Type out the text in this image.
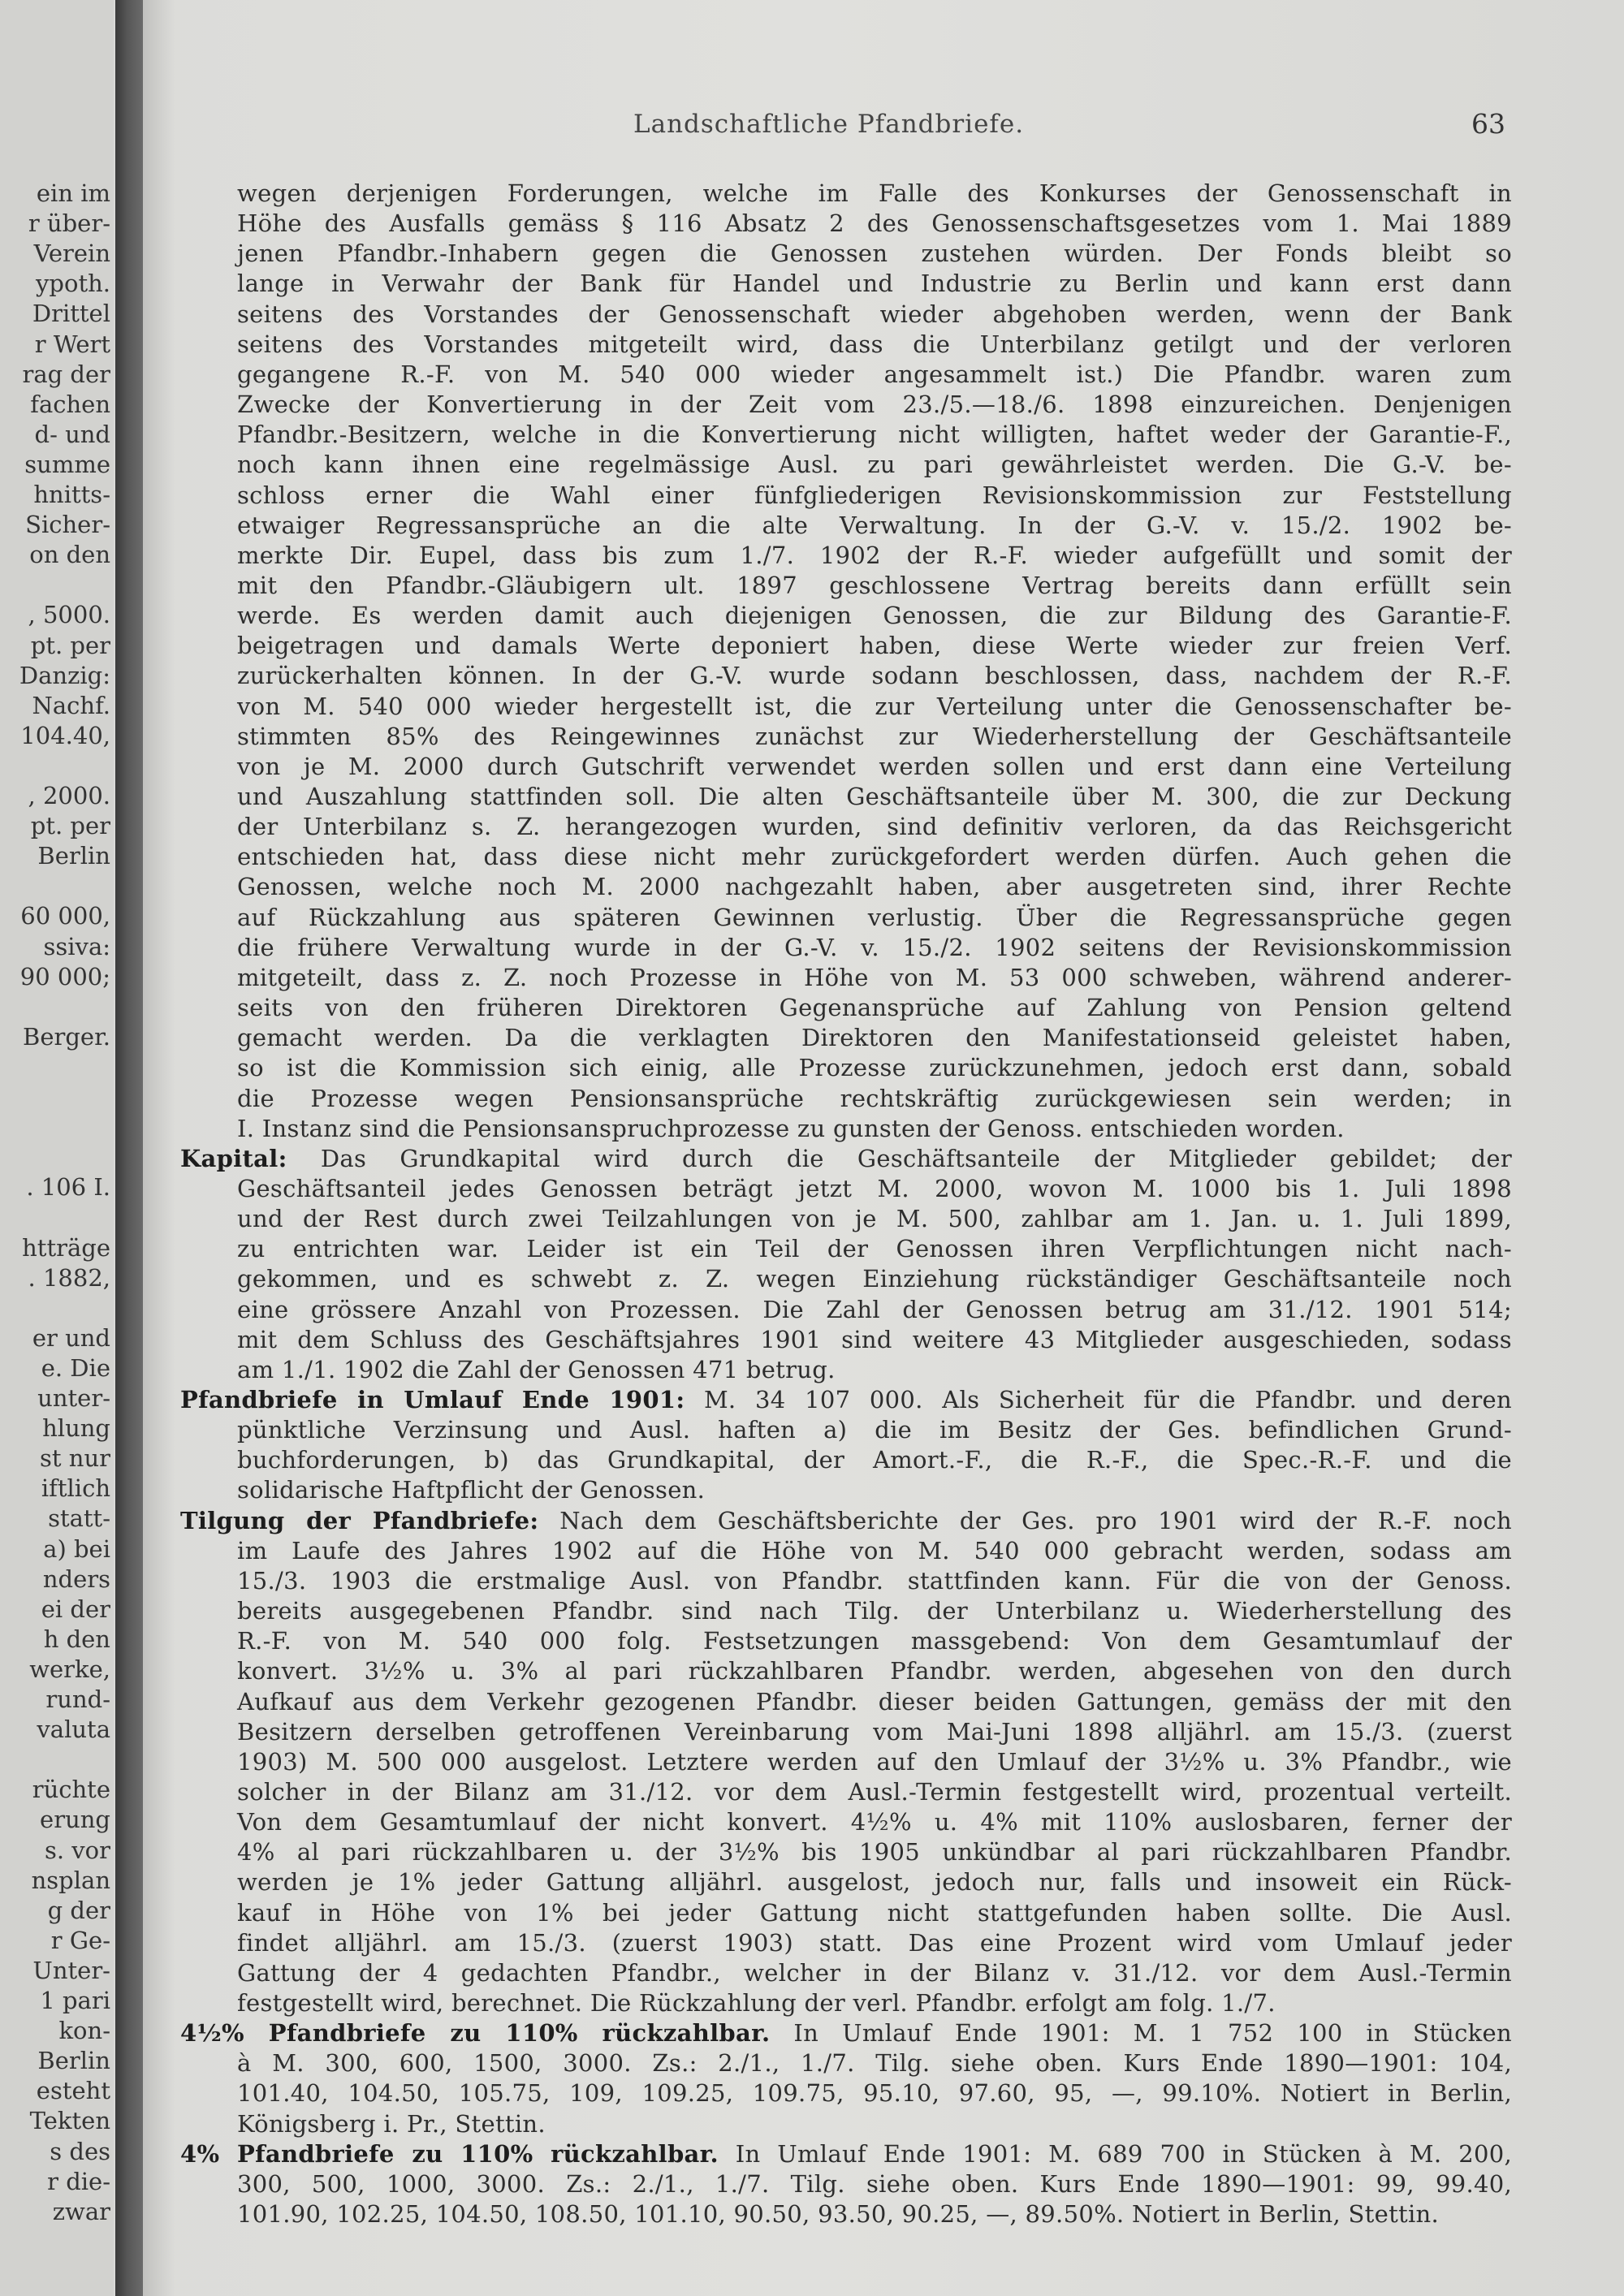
ein im
r über-
Verein
ypoth.
Drittel
r Wert
rag der
fachen
d- und
summe
hnitts-
Sicher-
on den
, 5000.
pt. per
Danzig:
Nachf.
104.40,
, 2000.
pt. per
Berlin
60 000,
ssiva:
90 000;
Berger.
. 106 I.
htträge
. 1882,
er und
e. Die
unter-
hlung
st nur
iftlich
statt-
a) bei
nders
ei der
h den
werke,
rund-
valuta
rüchte
erung
s. vor
nsplan
g der
r Ge-
Unter-
1 pari
kon-
Berlin
esteht
Tekten
s des
r die-
zwar
Landschaftliche Pfandbriefe.	63
wegen derjenigen Forderungen, welche im Falle des Konkurses der Genossenschaft in
Höhe des Ausfalls gemäss § 116 Absatz 2 des Genossenschaftsgesetzes vom 1. Mai 1889
jenen Pfandbr.-Inhabern gegen die Genossen zustehen würden. Der Fonds bleibt so
lange in Verwahr der Bank für Handel und Industrie zu Berlin und kann erst dann
seitens des Vorstandes der Genossenschaft wieder abgehoben werden, wenn der Bank
seitens des Vorstandes mitgeteilt wird, dass die Unterbilanz getilgt und der verloren
gegangene R.-F. von M. 540 000 wieder angesammelt ist.) Die Pfandbr. waren zum
Zwecke der Konvertierung in der Zeit vom 23./5.—18./6. 1898 einzureichen. Denjenigen
Pfandbr.-Besitzern, welche in die Konvertierung nicht willigten, haftet weder der Garantie-F.,
noch kann ihnen eine regelmässige Ausl. zu pari gewährleistet werden. Die G.-V. be-
schloss erner die Wahl einer fünfgliederigen Revisionskommission zur Feststellung
etwaiger Regressansprüche an die alte Verwaltung. In der G.-V. v. 15./2. 1902 be-
merkte Dir. Eupel, dass bis zum 1./7. 1902 der R.-F. wieder aufgefüllt und somit der
mit den Pfandbr.-Gläubigern ult. 1897 geschlossene Vertrag bereits dann erfüllt sein
werde. Es werden damit auch diejenigen Genossen, die zur Bildung des Garantie-F.
beigetragen und damals Werte deponiert haben, diese Werte wieder zur freien Verf.
zurückerhalten können. In der G.-V. wurde sodann beschlossen, dass, nachdem der R.-F.
von M. 540 000 wieder hergestellt ist, die zur Verteilung unter die Genossenschafter be-
stimmten 85% des Reingewinnes zunächst zur Wiederherstellung der Geschäftsanteile
von je M. 2000 durch Gutschrift verwendet werden sollen und erst dann eine Verteilung
und Auszahlung stattfinden soll. Die alten Geschäftsanteile über M. 300, die zur Deckung
der Unterbilanz s. Z. herangezogen wurden, sind definitiv verloren, da das Reichsgericht
entschieden hat, dass diese nicht mehr zurückgefordert werden dürfen. Auch gehen die
Genossen, welche noch M. 2000 nachgezahlt haben, aber ausgetreten sind, ihrer Rechte
auf Rückzahlung aus späteren Gewinnen verlustig. Über die Regressansprüche gegen
die frühere Verwaltung wurde in der G.-V. v. 15./2. 1902 seitens der Revisionskommission
mitgeteilt, dass z. Z. noch Prozesse in Höhe von M. 53 000 schweben, während anderer-
seits von den früheren Direktoren Gegenansprüche auf Zahlung von Pension geltend
gemacht werden. Da die verklagten Direktoren den Manifestationseid geleistet haben,
so ist die Kommission sich einig, alle Prozesse zurückzunehmen, jedoch erst dann, sobald
die Prozesse wegen Pensionsansprüche rechtskräftig zurückgewiesen sein werden; in
I. Instanz sind die Pensionsanspruchprozesse zu gunsten der Genoss. entschieden worden.
Kapital: Das Grundkapital wird durch die Geschäftsanteile der Mitglieder gebildet; der
Geschäftsanteil jedes Genossen beträgt jetzt M. 2000, wovon M. 1000 bis 1. Juli 1898
und der Rest durch zwei Teilzahlungen von je M. 500, zahlbar am 1. Jan. u. 1. Juli 1899,
zu entrichten war. Leider ist ein Teil der Genossen ihren Verpflichtungen nicht nach-
gekommen, und es schwebt z. Z. wegen Einziehung rückständiger Geschäftsanteile noch
eine grössere Anzahl von Prozessen. Die Zahl der Genossen betrug am 31./12. 1901 514;
mit dem Schluss des Geschäftsjahres 1901 sind weitere 43 Mitglieder ausgeschieden, sodass
am 1./1. 1902 die Zahl der Genossen 471 betrug.
Pfandbriefe in Umlauf Ende 1901: M. 34 107 000. Als Sicherheit für die Pfandbr. und deren
pünktliche Verzinsung und Ausl. haften a) die im Besitz der Ges. befindlichen Grund-
buchforderungen, b) das Grundkapital, der Amort.-F., die R.-F., die Spec.-R.-F. und die
solidarische Haftpflicht der Genossen.
Tilgung der Pfandbriefe: Nach dem Geschäftsberichte der Ges. pro 1901 wird der R.-F. noch
im Laufe des Jahres 1902 auf die Höhe von M. 540 000 gebracht werden, sodass am
15./3. 1903 die erstmalige Ausl. von Pfandbr. stattfinden kann. Für die von der Genoss.
bereits ausgegebenen Pfandbr. sind nach Tilg. der Unterbilanz u. Wiederherstellung des
R.-F. von M. 540 000 folg. Festsetzungen massgebend: Von dem Gesamtumlauf der
konvert. 3½% u. 3% al pari rückzahlbaren Pfandbr. werden, abgesehen von den durch
Aufkauf aus dem Verkehr gezogenen Pfandbr. dieser beiden Gattungen, gemäss der mit den
Besitzern derselben getroffenen Vereinbarung vom Mai-Juni 1898 alljährl. am 15./3. (zuerst
1903) M. 500 000 ausgelost. Letztere werden auf den Umlauf der 3½% u. 3% Pfandbr., wie
solcher in der Bilanz am 31./12. vor dem Ausl.-Termin festgestellt wird, prozentual verteilt.
Von dem Gesamtumlauf der nicht konvert. 4½% u. 4% mit 110% auslosbaren, ferner der
4% al pari rückzahlbaren u. der 3½% bis 1905 unkündbar al pari rückzahlbaren Pfandbr.
werden je 1% jeder Gattung alljährl. ausgelost, jedoch nur, falls und insoweit ein Rück-
kauf in Höhe von 1% bei jeder Gattung nicht stattgefunden haben sollte. Die Ausl.
findet alljährl. am 15./3. (zuerst 1903) statt. Das eine Prozent wird vom Umlauf jeder
Gattung der 4 gedachten Pfandbr., welcher in der Bilanz v. 31./12. vor dem Ausl.-Termin
festgestellt wird, berechnet. Die Rückzahlung der verl. Pfandbr. erfolgt am folg. 1./7.
4½% Pfandbriefe zu 110% rückzahlbar. In Umlauf Ende 1901: M. 1 752 100 in Stücken
à M. 300, 600, 1500, 3000. Zs.: 2./1., 1./7. Tilg. siehe oben. Kurs Ende 1890—1901: 104,
101.40, 104.50, 105.75, 109, 109.25, 109.75, 95.10, 97.60, 95, —, 99.10%. Notiert in Berlin,
Königsberg i. Pr., Stettin.
4% Pfandbriefe zu 110% rückzahlbar. In Umlauf Ende 1901: M. 689 700 in Stücken à M. 200,
300, 500, 1000, 3000. Zs.: 2./1., 1./7. Tilg. siehe oben. Kurs Ende 1890—1901: 99, 99.40,
101.90, 102.25, 104.50, 108.50, 101.10, 90.50, 93.50, 90.25, —, 89.50%. Notiert in Berlin, Stettin.
